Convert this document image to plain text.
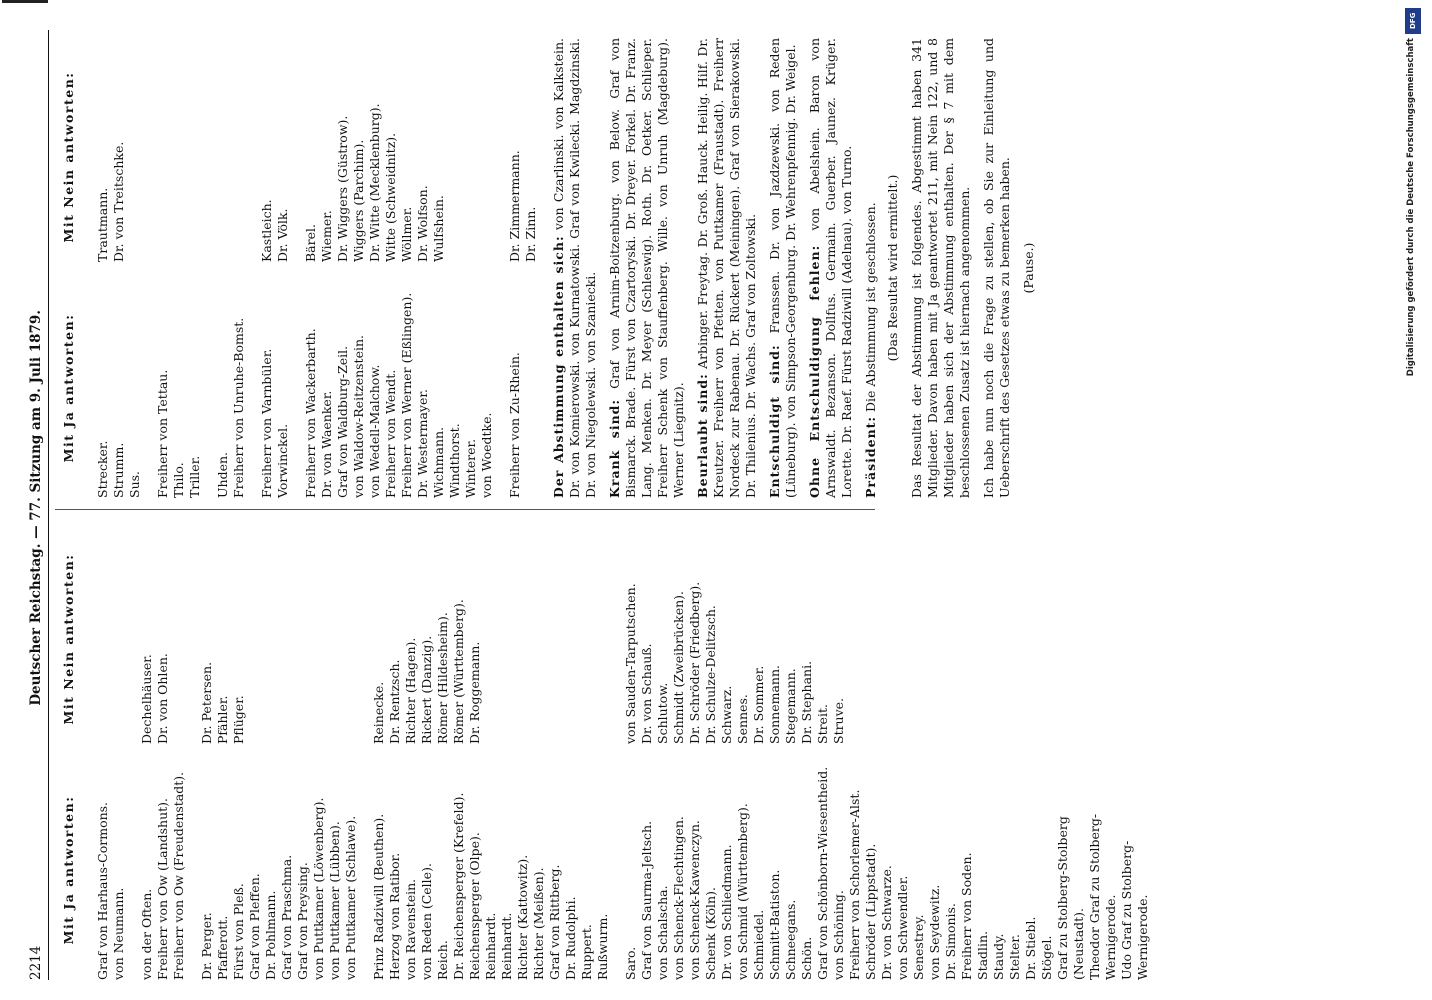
2214
Deutscher Reichstag. — 77. Sitzung am 9. Juli 1879.
Mit Ja antworten:
Mit Nein antworten:
Graf von Harhaus-Cormons. von Neumann. von der Often. Freiherr von Ow (Landshut). Freiherr von Ow (Freudenstadt).
Dechelhäuser. Dr. von Ohlen.
Dr. Perger. Pfafferott. Fürst von Pleß. Graf von Pleffen. Dr. Pohlmann. Graf von Praschma. Graf von Preysing. von Puttkamer (Löwenberg). von Puttkamer (Lübben). von Puttkamer (Schlawe).
Dr. Petersen. Pfähler. Pflüger.
Prinz Radziwill (Beuthen). Herzog von Ratibor. von Ravenstein. von Reden (Celle). Reich. Dr. Reichensperger (Krefeld). Reichensperger (Olpe). Reinhardt. Reinhardt. Richter (Kattowitz). Richter (Meißen). Graf von Rittberg. Dr. Rudolphi. Ruppert. Rußwurm.
Reinecke. Dr. Rentzsch. Richter (Hagen). Rickert (Danzig). Römer (Hildesheim). Römer (Württemberg). Dr. Roggemann.
Saro. Graf von Saurma-Jeltsch. von Schalscha. von Schenck-Flechtingen. von Schenck-Kawenczyn. Schenk (Köln). Dr. von Schliedmann. von Schmid (Württemberg). Schmiedel. Schmitt-Batiston. Schneegans. Schön. Graf von Schönborn-Wiesentheid. von Schöning. Freiherr von Schorlemer-Alst. Schröder (Lippstadt). Dr. von Schwarze. von Schwendler. Senestrey. von Seydewitz. Dr. Simonis. Freiherr von Soden. Stadlin. Staudy. Stelter. Dr. Stiebl. Stögel. Graf zu Stolberg-Stolberg (Neustadt). Theodor Graf zu Stolberg-Wernigerode. Udo Graf zu Stolberg-Wernigerode.
von Sauden-Tarputschen. Dr. von Schauß. Schlutow. Schmidt (Zweibrücken). Dr. Schröder (Friedberg). Dr. Schulze-Delitzsch. Schwarz. Sennes. Dr. Sommer. Sonnemann. Stegemann. Dr. Stephani. Streit. Struve.
Mit Ja antworten:
Mit Nein antworten:
Strecker. Strumm. Sus.
Trautmann. Dr. von Treitschke.
Freiherr von Tettau. Thilo. Triller. Uhden. Freiherr von Unruhe-Bomst. Freiherr von Varnbüler. Vorwinckel.
Kastleich. Dr. Völk.
Freiherr von Wackerbarth. Dr. von Waenker. Graf von Waldburg-Zeil. von Waldow-Reitzenstein. von Wedell-Malchow. Freiherr von Wendt. Freiherr von Werner (Eßlingen). Dr. Westermayer. Wichmann. Windthorst. Winterer. von Woedtke.
Bärel. Wiemer. Dr. Wiggers (Güstrow). Wiggers (Parchim). Dr. Witte (Mecklenburg). Witte (Schweidnitz). Wöllmer. Dr. Wolfson. Wulfshein.
Freiherr von Zu-Rhein.
Dr. Zimmermann. Dr. Zinn.

Der Abstimmung enthalten sich: von Czarlinski. von Kalkstein. Dr. von Komierowski. von Kurnatowski. Graf von Kwilecki. Magdzinski. Dr. von Niegolewski. von Szaniecki. Krank sind: Graf von Arnim-Boitzenburg. von Below. Graf von Bismarck. Brade. Fürst von Czartoryski. Dr. Dreyer. Forkel. Dr. Franz. Lang. Menken. Dr. Meyer (Schleswig). Roth. Dr. Oetker. Schlieper. Freiherr Schenk von Stauffenberg. Wille. von Unruh (Magdeburg). Werner (Liegnitz). Beurlaubt sind: Arbinger. Freytag. Dr. Groß. Hauck. Heilig. Hilf. Dr. Kreutzer. Freiherr von Pfetten. von Puttkamer (Fraustadt). Freiherr Nordeck zur Rabenau. Dr. Rückert (Meiningen). Graf von Sierakowski. Dr. Thilenius. Dr. Wachs. Graf von Zoltowski. Entschuldigt sind: Franssen. Dr. von Jazdzewski. von Reden (Lüneburg). von Simpson-Georgenburg. Dr. Wehrenpfennig. Dr. Weigel. Ohne Entschuldigung fehlen: von Abelshein. Baron von Arnswaldt. Bezanson. Dollfus. Germain. Guerber. Jaunez. Krüger. Lorette. Dr. Raef. Fürst Radziwill (Adelnau). von Turno. Präsident: Die Abstimmung ist geschlossen. (Das Resultat wird ermittelt.) Das Resultat der Abstimmung ist folgendes. Abgestimmt haben 341 Mitglieder. Davon haben mit Ja geantwortet 211, mit Nein 122, und 8 Mitglieder haben sich der Abstimmung enthalten. Der § 7 mit dem beschlossenen Zusatz ist hiernach angenommen. Ich habe nun noch die Frage zu stellen, ob Sie zur Einleitung und Ueberschrift des Gesetzes etwas zu bemerken haben. (Pause.)
DFG
Digitalisierung gefördert durch die Deutsche Forschungsgemeinschaft
